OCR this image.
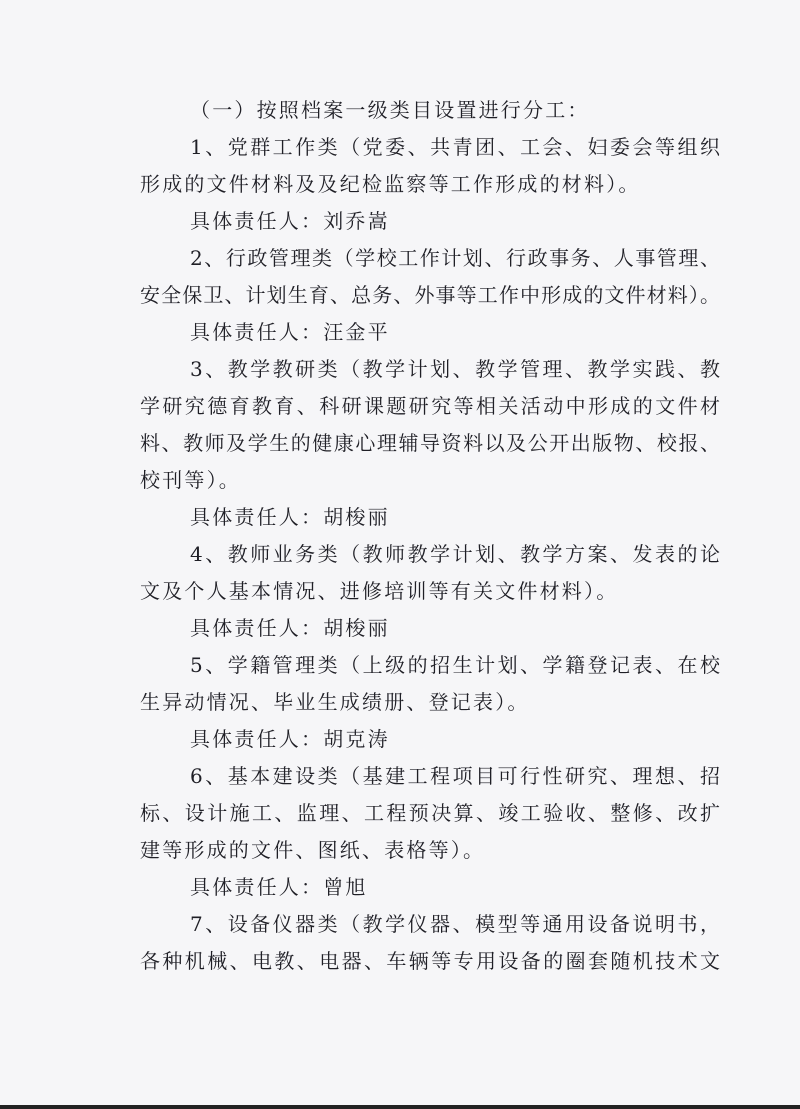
（一）按照档案一级类目设置进行分工：
1、党群工作类（党委、共青团、工会、妇委会等组织
形成的文件材料及及纪检监察等工作形成的材料）。
具体责任人：刘乔嵩
2、行政管理类（学校工作计划、行政事务、人事管理、
安全保卫、计划生育、总务、外事等工作中形成的文件材料）。
具体责任人：汪金平
3、教学教研类（教学计划、教学管理、教学实践、教
学研究德育教育、科研课题研究等相关活动中形成的文件材
料、教师及学生的健康心理辅导资料以及公开出版物、校报、
校刊等）。
具体责任人：胡梭丽
4、教师业务类（教师教学计划、教学方案、发表的论
文及个人基本情况、进修培训等有关文件材料）。
具体责任人：胡梭丽
5、学籍管理类（上级的招生计划、学籍登记表、在校
生异动情况、毕业生成绩册、登记表）。
具体责任人：胡克涛
6、基本建设类（基建工程项目可行性研究、理想、招
标、设计施工、监理、工程预决算、竣工验收、整修、改扩
建等形成的文件、图纸、表格等）。
具体责任人：曾旭
7、设备仪器类（教学仪器、模型等通用设备说明书，
各种机械、电教、电器、车辆等专用设备的圈套随机技术文
